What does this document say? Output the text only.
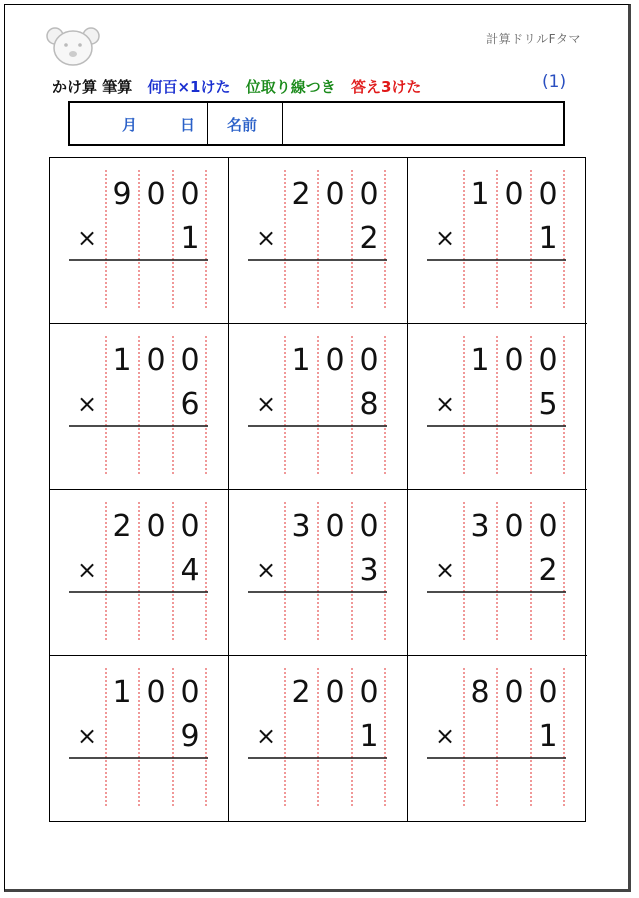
計算ドリルFタマ
かけ算 筆算 何百×1けた 位取り線つき 答え3けた	(1)
月	日 名前
9 0 0
×	1
2 0 0
×	2
1 0 0
×	1
1 0 0
×	6
1 0 0
×	8
1 0 0
×	5
2 0 0
×	4
3 0 0
×	3
3 0 0
×	2
1 0 0
×	9
2 0 0
×	1
8 0 0
×	1
